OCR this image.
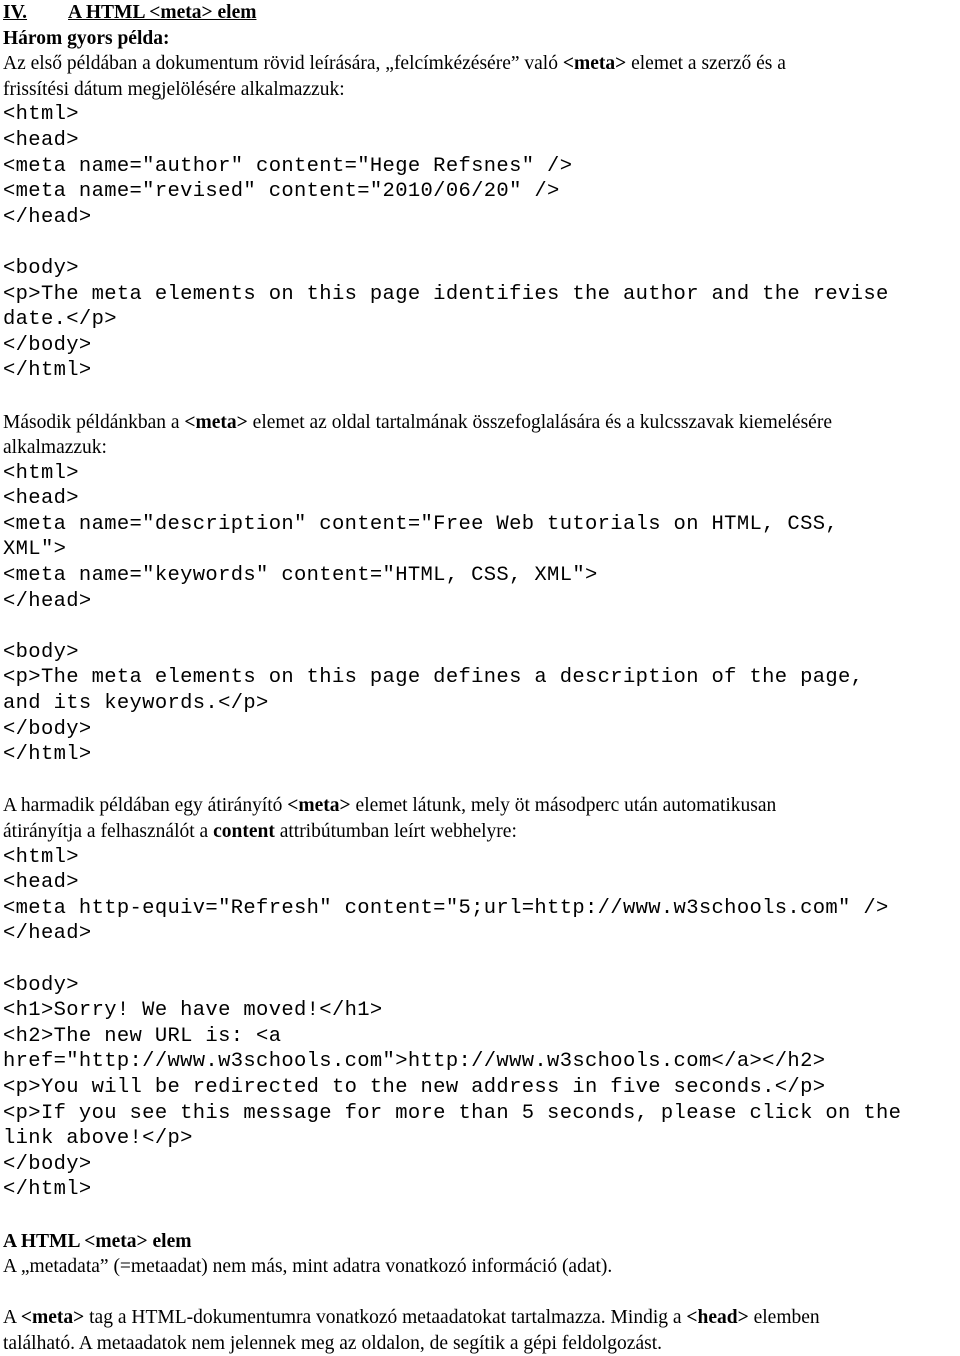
IV.	A HTML <meta> elem
Három gyors példa:
Az első példában a dokumentum rövid leírására, „felcímkézésére” való <meta> elemet a szerző és a
frissítési dátum megjelölésére alkalmazzuk:
<html>
<head>
<meta name="author" content="Hege Refsnes" />
<meta name="revised" content="2010/06/20" />
</head>
<body>
<p>The meta elements on this page identifies the author and the revise
date.</p>
</body>
</html>
Második példánkban a <meta> elemet az oldal tartalmának összefoglalására és a kulcsszavak kiemelésére
alkalmazzuk:
<html>
<head>
<meta name="description" content="Free Web tutorials on HTML, CSS,
XML">
<meta name="keywords" content="HTML, CSS, XML">
</head>
<body>
<p>The meta elements on this page defines a description of the page,
and its keywords.</p>
</body>
</html>
A harmadik példában egy átirányító <meta> elemet látunk, mely öt másodperc után automatikusan
átirányítja a felhasználót a content attribútumban leírt webhelyre:
<html>
<head>
<meta http-equiv="Refresh" content="5;url=http://www.w3schools.com" />
</head>
<body>
<h1>Sorry! We have moved!</h1>
<h2>The new URL is: <a
href="http://www.w3schools.com">http://www.w3schools.com</a></h2>
<p>You will be redirected to the new address in five seconds.</p>
<p>If you see this message for more than 5 seconds, please click on the
link above!</p>
</body>
</html>
A HTML <meta> elem
A „metadata” (=metaadat) nem más, mint adatra vonatkozó információ (adat).
A <meta> tag a HTML-dokumentumra vonatkozó metaadatokat tartalmazza. Mindig a <head> elemben
található. A metaadatok nem jelennek meg az oldalon, de segítik a gépi feldolgozást.
